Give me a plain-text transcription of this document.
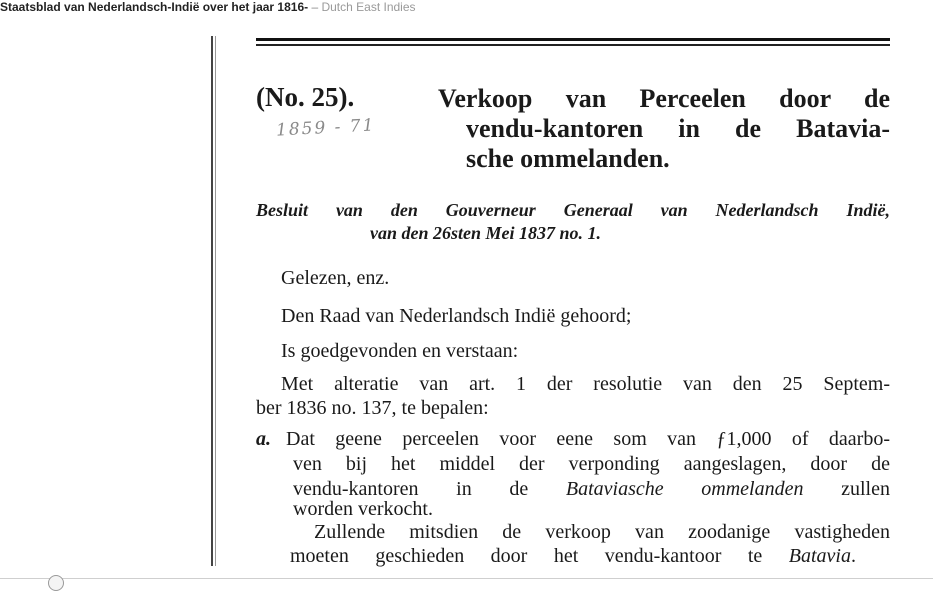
Staatsblad van Nederlandsch-Indië over het jaar 1816- – Dutch East Indies
(No. 25).	Verkoop van Perceelen door de
vendu-kantoren in de Batavia-
sche ommelanden.
1859 - 71
Besluit van den Gouverneur Generaal van Nederlandsch Indië,
van den 26sten Mei 1837 no. 1.
Gelezen, enz.
Den Raad van Nederlandsch Indië gehoord;
Is goedgevonden en verstaan:
Met alteratie van art. 1 der resolutie van den 25 Septem-
ber 1836 no. 137, te bepalen:
a. Dat geene perceelen voor eene som van ƒ1,000 of daarbo-
ven bij het middel der verponding aangeslagen, door de
vendu-kantoren in de Bataviasche ommelanden zullen
worden verkocht.
Zullende mitsdien de verkoop van zoodanige vastigheden
moeten geschieden door het vendu-kantoor te Batavia.
